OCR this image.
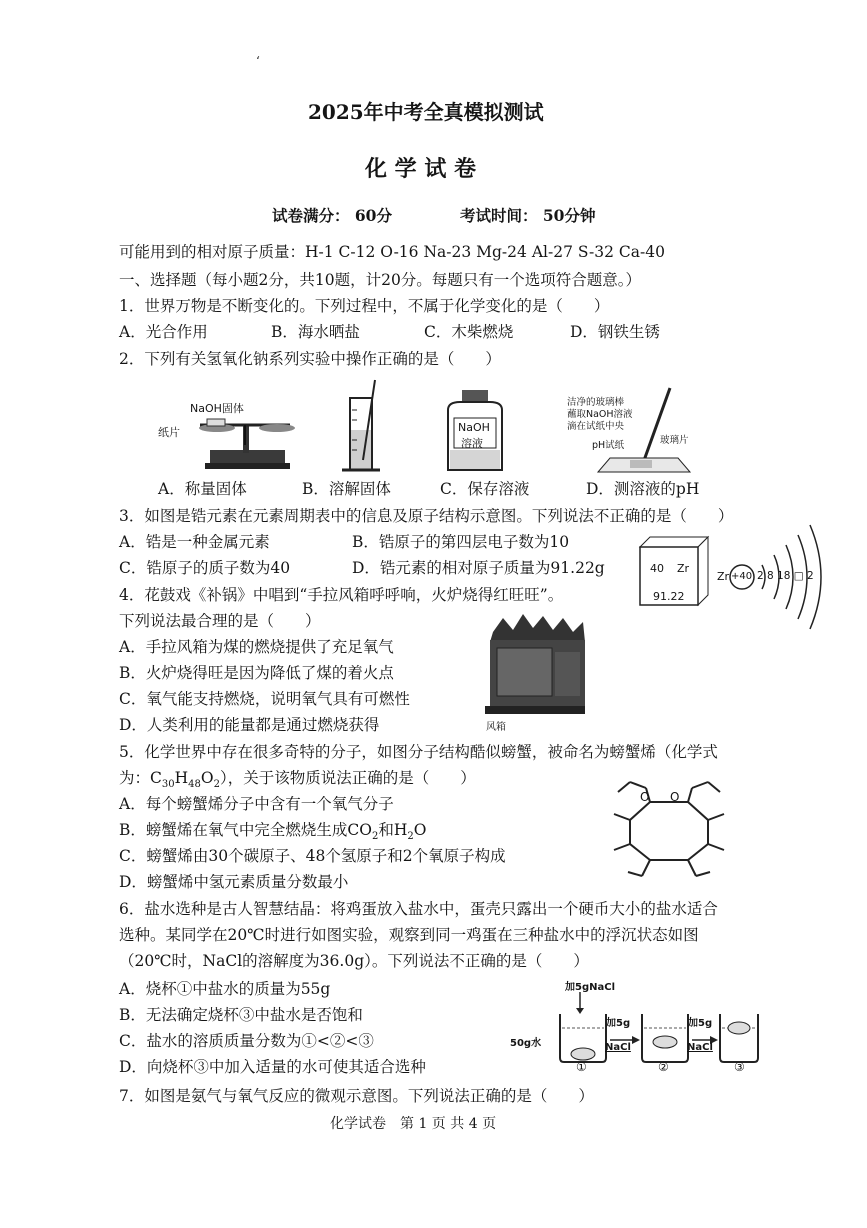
ʻ
2025年中考全真模拟测试
化 学 试 卷
试卷满分： 60分	考试时间： 50分钟
可能用到的相对原子质量：H-1 C-12 O-16 Na-23 Mg-24 Al-27 S-32 Ca-40
一、选择题（每小题2分，共10题，计20分。每题只有一个选项符合题意。）
1．世界万物是不断变化的。下列过程中，不属于化学变化的是（　　）
A．光合作用	B．海水晒盐	C．木柴燃烧	D．钢铁生锈
2．下列有关氢氧化钠系列实验中操作正确的是（　　）
NaOH固体
纸片	NaOH
溶液
洁净的玻璃棒
蘸取NaOH溶液
滴在试纸中央
pH试纸	玻璃片
A．称量固体	B．溶解固体	C．保存溶液	D．测溶液的pH
3．如图是锆元素在元素周期表中的信息及原子结构示意图。下列说法不正确的是（　　）
A．锆是一种金属元素	B．锆原子的第四层电子数为10
C．锆原子的质子数为40	D．锆元素的相对原子质量为91.22g	40 Zr
91.22
Zr +40 2 8 18 □ 2
4．花鼓戏《补锅》中唱到“手拉风箱呼呼响，火炉烧得红旺旺”。
下列说法最合理的是（　　）
A．手拉风箱为煤的燃烧提供了充足氧气
B．火炉烧得旺是因为降低了煤的着火点
C．氧气能支持燃烧，说明氧气具有可燃性
D．人类利用的能量都是通过燃烧获得	风箱
5．化学世界中存在很多奇特的分子，如图分子结构酷似螃蟹，被命名为螃蟹烯（化学式
为：$C_{30}H_{48}O_2$），关于该物质说法正确的是（　　）
A．每个螃蟹烯分子中含有一个氧气分子
B．螃蟹烯在氧气中完全燃烧生成$CO_2$和$H_2O$
C．螃蟹烯由30个碳原子、48个氢原子和2个氧原子构成
D．螃蟹烯中氢元素质量分数最小
O O
6．盐水选种是古人智慧结晶：将鸡蛋放入盐水中，蛋壳只露出一个硬币大小的盐水适合
选种。某同学在20℃时进行如图实验，观察到同一鸡蛋在三种盐水中的浮沉状态如图
（20℃时，NaCl的溶解度为36.0g）。下列说法不正确的是（　　）
A．烧杯①中盐水的质量为55g
B．无法确定烧杯③中盐水是否饱和
C．盐水的溶质质量分数为①<②<③
D．向烧杯③中加入适量的水可使其适合选种
加5gNaCl
50g水
加5g
NaCl
加5g
NaCl
①	②	③
7．如图是氨气与氧气反应的微观示意图。下列说法正确的是（　　）
化学试卷　第 1 页 共 4 页
